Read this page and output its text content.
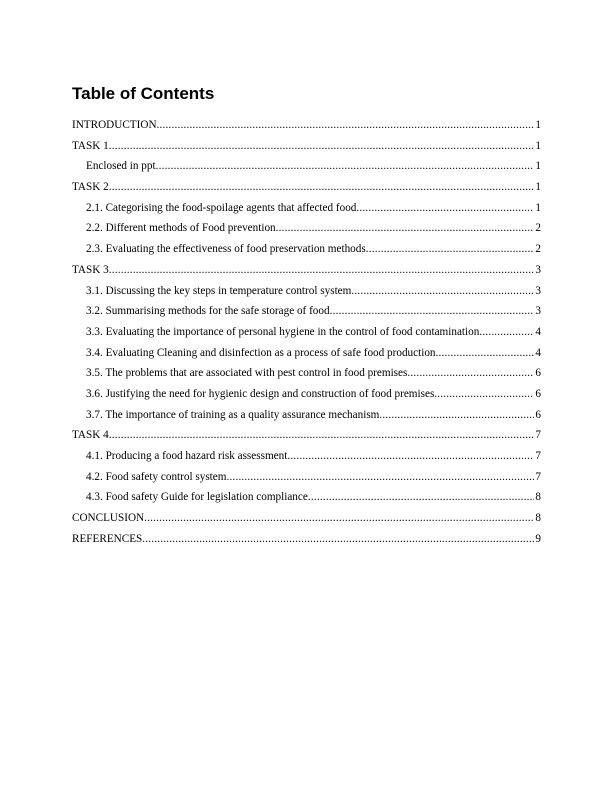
Table of Contents
INTRODUCTION .....	1
TASK 1 .....	1
Enclosed in ppt .....	1
TASK 2 .....	1
2.1. Categorising the food-spoilage agents that affected food .....	1
2.2. Different methods of Food prevention .....	2
2.3. Evaluating the effectiveness of food preservation methods .....	2
TASK 3 .....	3
3.1. Discussing the key steps in temperature control system .....	3
3.2. Summarising methods for the safe storage of food .....	3
3.3. Evaluating the importance of personal hygiene in the control of food contamination .....	4
3.4. Evaluating Cleaning and disinfection as a process of safe food production .....	4
3.5. The problems that are associated with pest control in food premises .....	6
3.6. Justifying the need for hygienic design and construction of food premises .....	6
3.7. The importance of training as a quality assurance mechanism .....	6
TASK 4 .....	7
4.1. Producing a food hazard risk assessment .....	7
4.2. Food safety control system .....	7
4.3. Food safety Guide for legislation compliance .....	8
CONCLUSION .....	8
REFERENCES .....	9
